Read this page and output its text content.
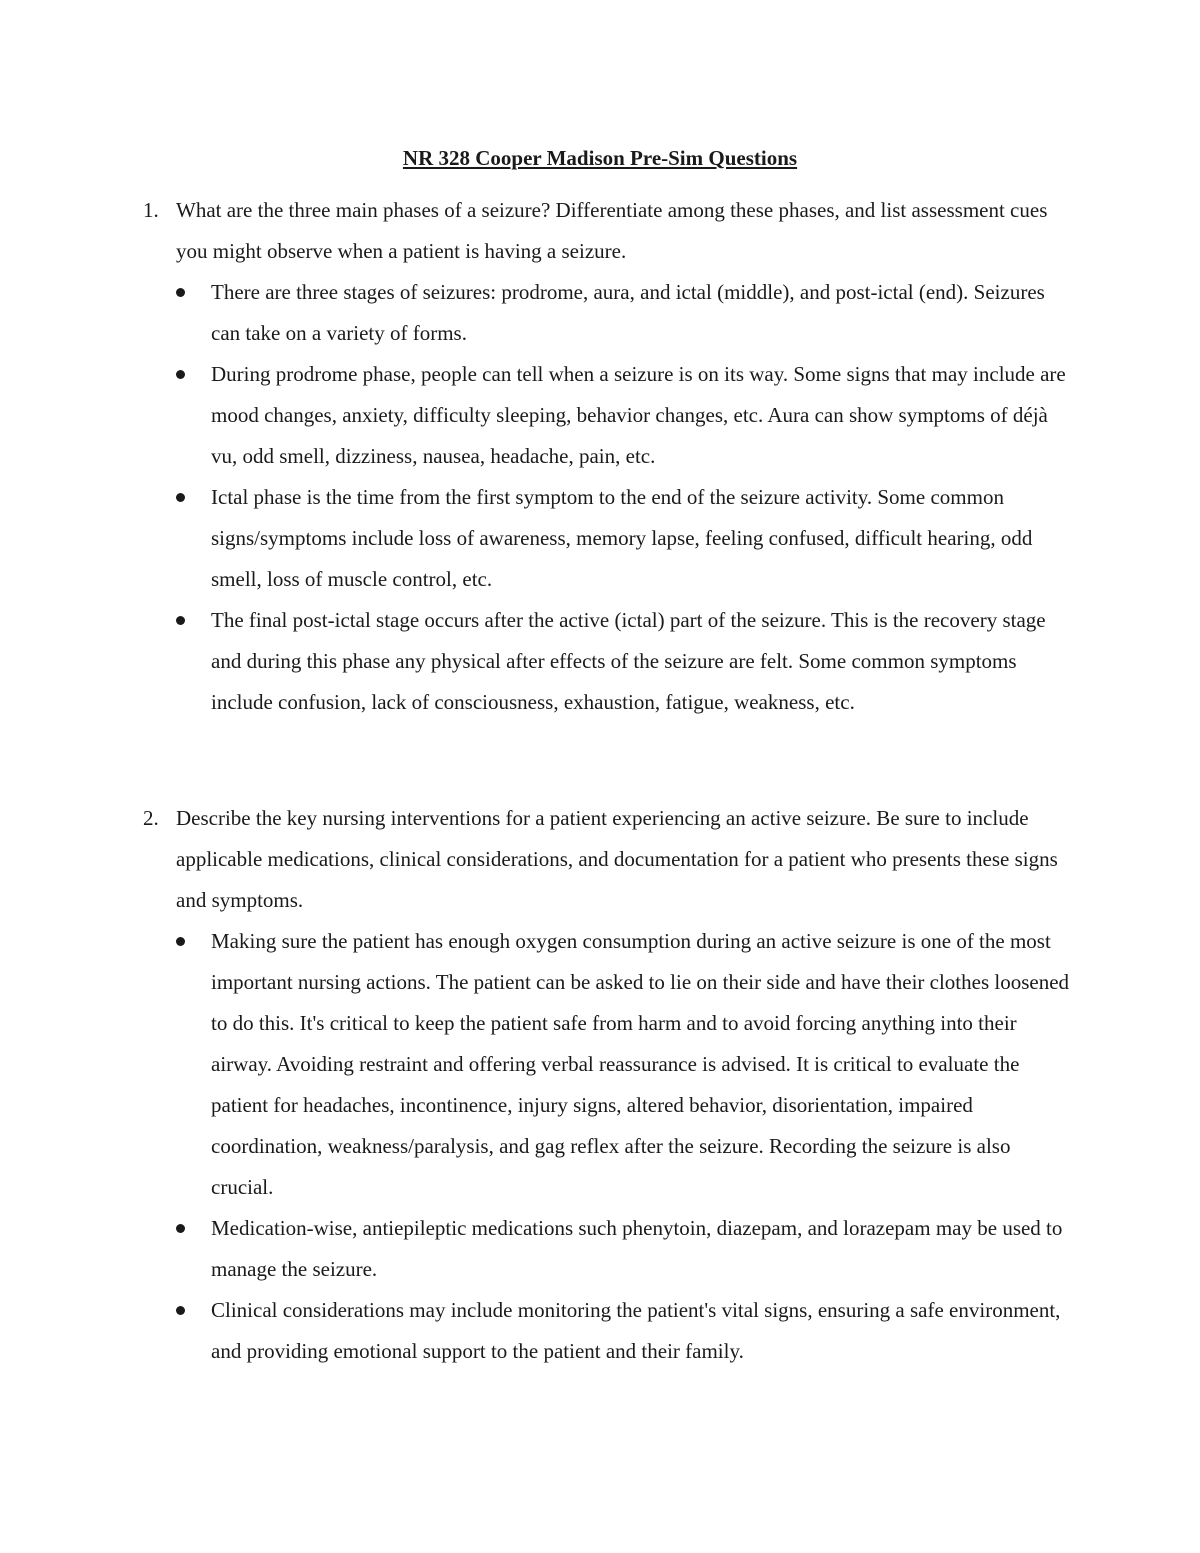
NR 328 Cooper Madison Pre-Sim Questions
1. What are the three main phases of a seizure? Differentiate among these phases, and list assessment cues you might observe when a patient is having a seizure.

There are three stages of seizures: prodrome, aura, and ictal (middle), and post-ictal (end). Seizures can take on a variety of forms.
During prodrome phase, people can tell when a seizure is on its way. Some signs that may include are mood changes, anxiety, difficulty sleeping, behavior changes, etc. Aura can show symptoms of déjà vu, odd smell, dizziness, nausea, headache, pain, etc.
Ictal phase is the time from the first symptom to the end of the seizure activity. Some common signs/symptoms include loss of awareness, memory lapse, feeling confused, difficult hearing, odd smell, loss of muscle control, etc.
The final post-ictal stage occurs after the active (ictal) part of the seizure. This is the recovery stage and during this phase any physical after effects of the seizure are felt. Some common symptoms include confusion, lack of consciousness, exhaustion, fatigue, weakness, etc.
2. Describe the key nursing interventions for a patient experiencing an active seizure. Be sure to include applicable medications, clinical considerations, and documentation for a patient who presents these signs and symptoms.

Making sure the patient has enough oxygen consumption during an active seizure is one of the most important nursing actions. The patient can be asked to lie on their side and have their clothes loosened to do this. It's critical to keep the patient safe from harm and to avoid forcing anything into their airway. Avoiding restraint and offering verbal reassurance is advised. It is critical to evaluate the patient for headaches, incontinence, injury signs, altered behavior, disorientation, impaired coordination, weakness/paralysis, and gag reflex after the seizure. Recording the seizure is also crucial.
Medication-wise, antiepileptic medications such phenytoin, diazepam, and lorazepam may be used to manage the seizure.
Clinical considerations may include monitoring the patient's vital signs, ensuring a safe environment, and providing emotional support to the patient and their family.
